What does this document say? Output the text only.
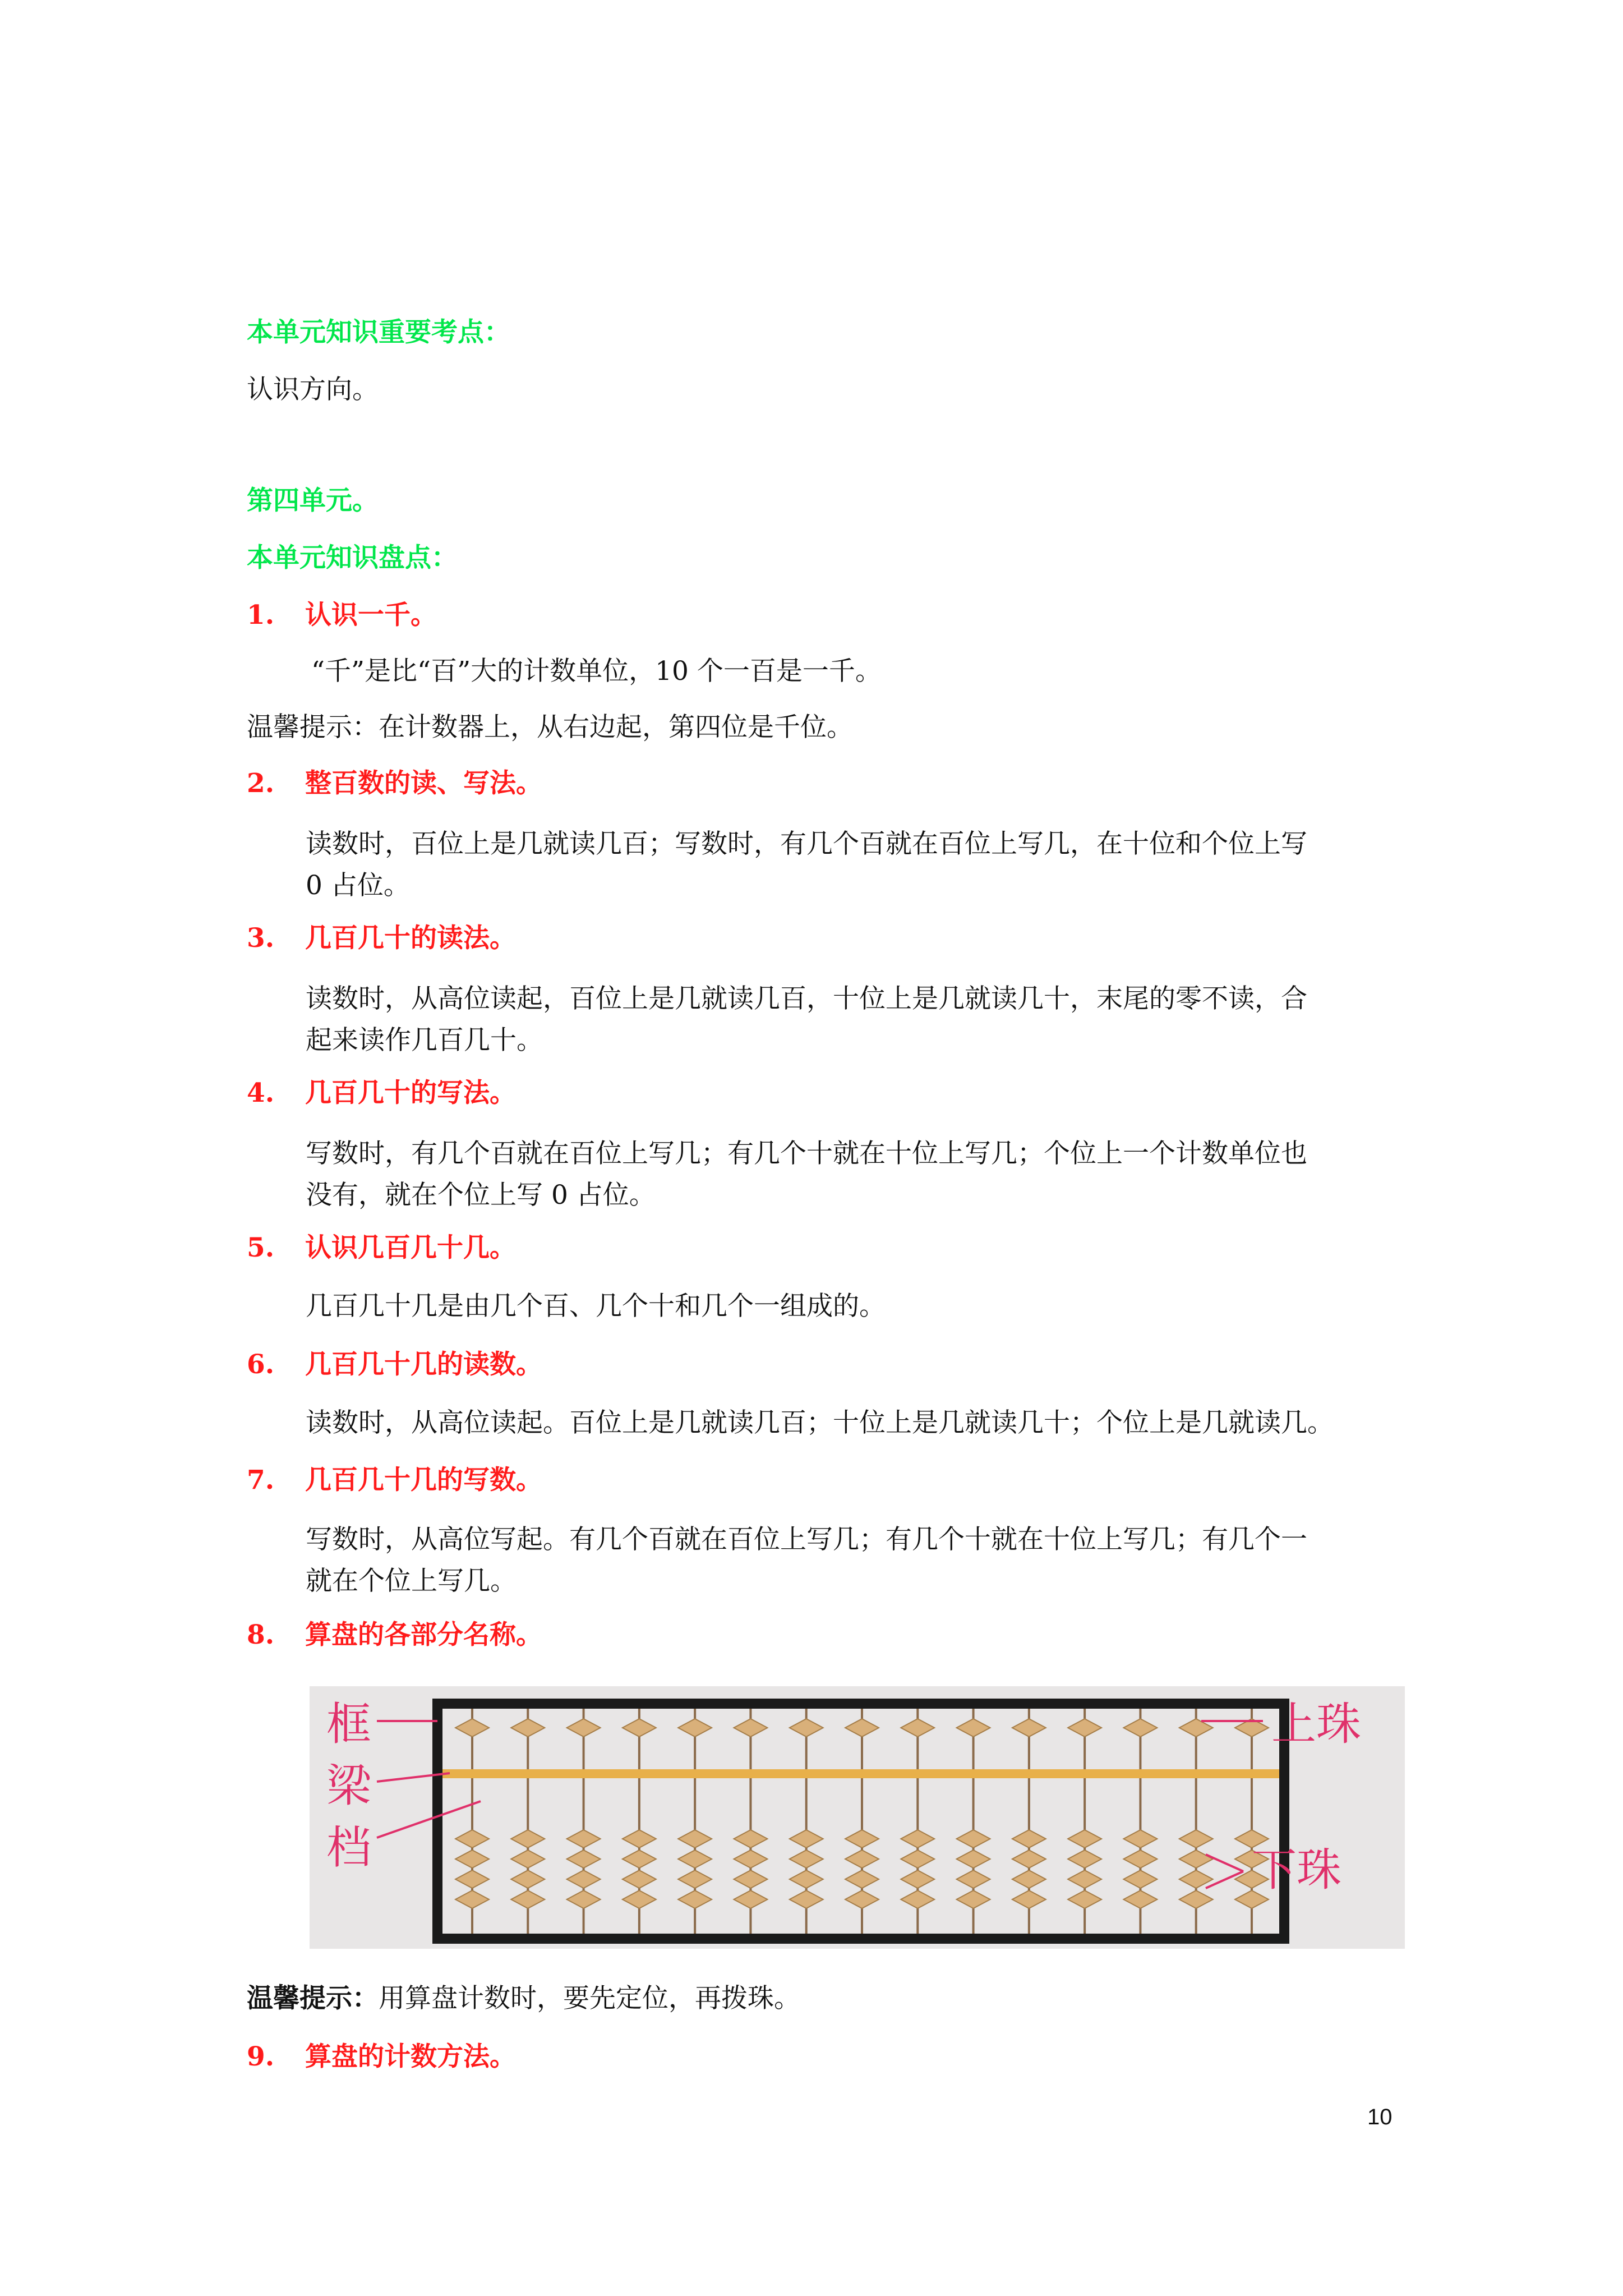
本单元知识重要考点：
认识方向。
第四单元。
本单元知识盘点：
1. 认识一千。
“千”是比“百”大的计数单位，10 个一百是一千。
温馨提示：在计数器上，从右边起，第四位是千位。
2. 整百数的读、写法。
读数时，百位上是几就读几百；写数时，有几个百就在百位上写几，在十位和个位上写
0 占位。
3. 几百几十的读法。
读数时，从高位读起，百位上是几就读几百，十位上是几就读几十，末尾的零不读，合
起来读作几百几十。
4. 几百几十的写法。
写数时，有几个百就在百位上写几；有几个十就在十位上写几；个位上一个计数单位也
没有，就在个位上写 0 占位。
5. 认识几百几十几。
几百几十几是由几个百、几个十和几个一组成的。
6. 几百几十几的读数。
读数时，从高位读起。百位上是几就读几百；十位上是几就读几十；个位上是几就读几。
7. 几百几十几的写数。
写数时，从高位写起。有几个百就在百位上写几；有几个十就在十位上写几；有几个一
就在个位上写几。
8. 算盘的各部分名称。
框
梁
档
上珠
下珠
温馨提示：用算盘计数时，要先定位，再拨珠。
9. 算盘的计数方法。
10
